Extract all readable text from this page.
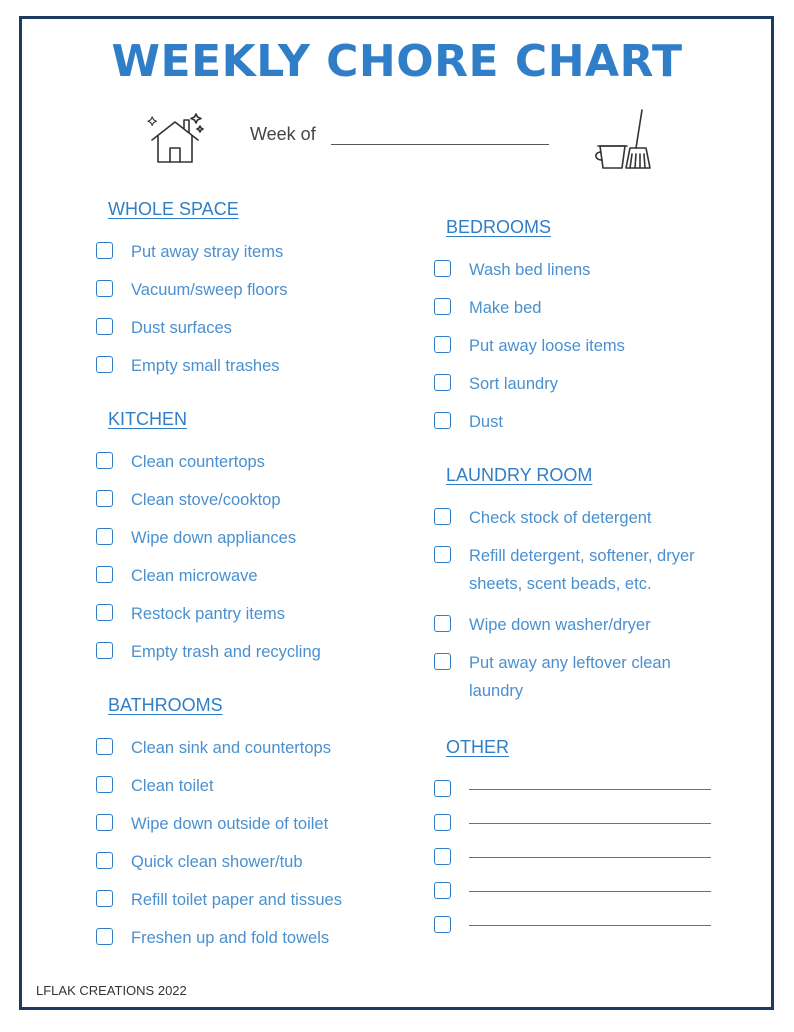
WEEKLY CHORE CHART
Week of
WHOLE SPACE
Put away stray items
Vacuum/sweep floors
Dust surfaces
Empty small trashes
KITCHEN
Clean countertops
Clean stove/cooktop
Wipe down appliances
Clean microwave
Restock pantry items
Empty trash and recycling
BATHROOMS
Clean sink and countertops
Clean toilet
Wipe down outside of toilet
Quick clean shower/tub
Refill toilet paper and tissues
Freshen up and fold towels
BEDROOMS
Wash bed linens
Make bed
Put away loose items
Sort laundry
Dust
LAUNDRY ROOM
Check stock of detergent
Refill detergent, softener, dryer sheets, scent beads, etc.
Wipe down washer/dryer
Put away any leftover clean laundry
OTHER
LFLAK CREATIONS 2022
